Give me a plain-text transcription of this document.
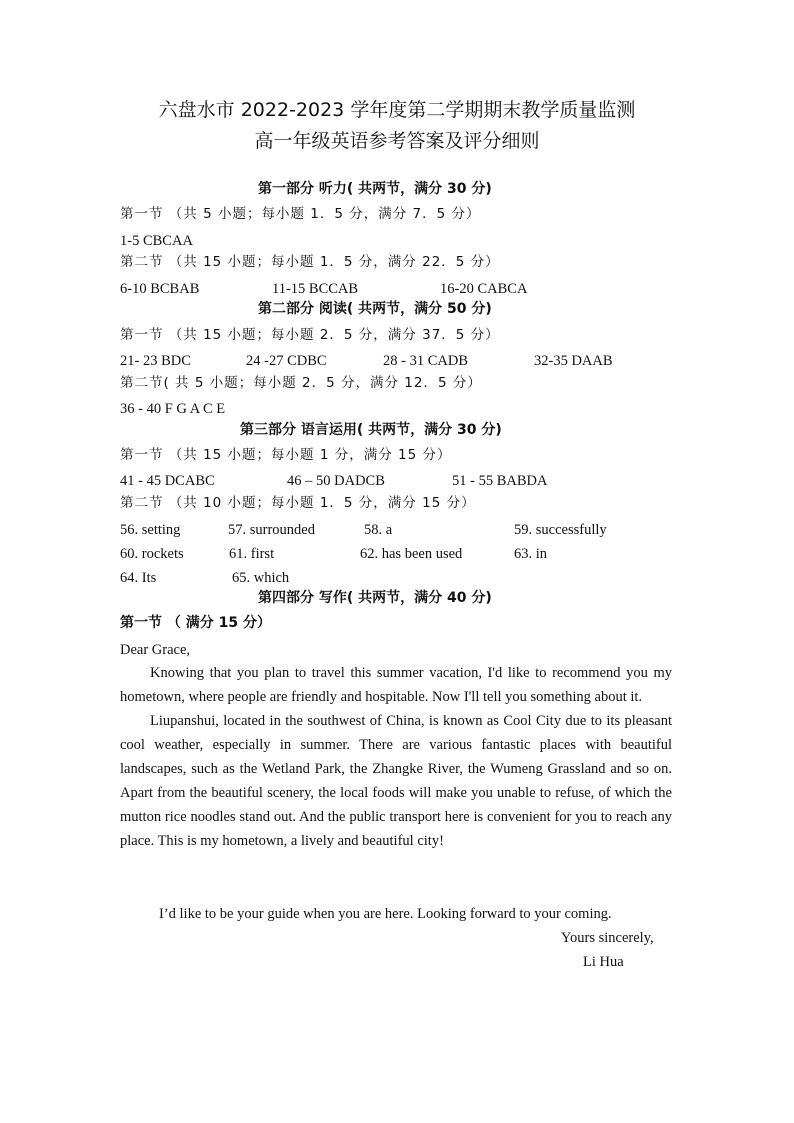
六盘水市 2022-2023 学年度第二学期期末教学质量监测
高一年级英语参考答案及评分细则
第一部分 听力( 共两节，满分 30 分)
第一节 （共 5 小题；每小题 1．5 分，满分 7．5 分）
1-5 CBCAA
第二节 （共 15 小题；每小题 1．5 分，满分 22．5 分）
6-10 BCBAB	11-15 BCCAB	16-20 CABCA
第二部分 阅读( 共两节，满分 50 分)
第一节 （共 15 小题；每小题 2．5 分，满分 37．5 分）
21- 23 BDC	24 -27 CDBC	28 - 31 CADB	32-35 DAAB
第二节( 共 5 小题；每小题 2．5 分，满分 12．5 分）
36 - 40 F G A C E
第三部分 语言运用( 共两节，满分 30 分)
第一节 （共 15 小题；每小题 1 分，满分 15 分）
41 - 45 DCABC	46 – 50 DADCB	51 - 55 BABDA
第二节 （共 10 小题；每小题 1．5 分，满分 15 分）
56. setting	57. surrounded	58. a	59. successfully
60. rockets	61. first	62. has been used	63. in
64. Its	65. which
第四部分 写作( 共两节，满分 40 分)
第一节 （ 满分 15 分）
Dear Grace,

Knowing that you plan to travel this summer vacation, I'd like to recommend you my hometown, where people are friendly and hospitable. Now I'll tell you something about it.

Liupanshui, located in the southwest of China, is known as Cool City due to its pleasant cool weather, especially in summer. There are various fantastic places with beautiful landscapes, such as the Wetland Park, the Zhangke River, the Wumeng Grassland and so on. Apart from the beautiful scenery, the local foods will make you unable to refuse, of which the mutton rice noodles stand out. And the public transport here is convenient for you to reach any place. This is my hometown, a lively and beautiful city!

I’d like to be your guide when you are here. Looking forward to your coming.
Yours sincerely,
Li Hua
